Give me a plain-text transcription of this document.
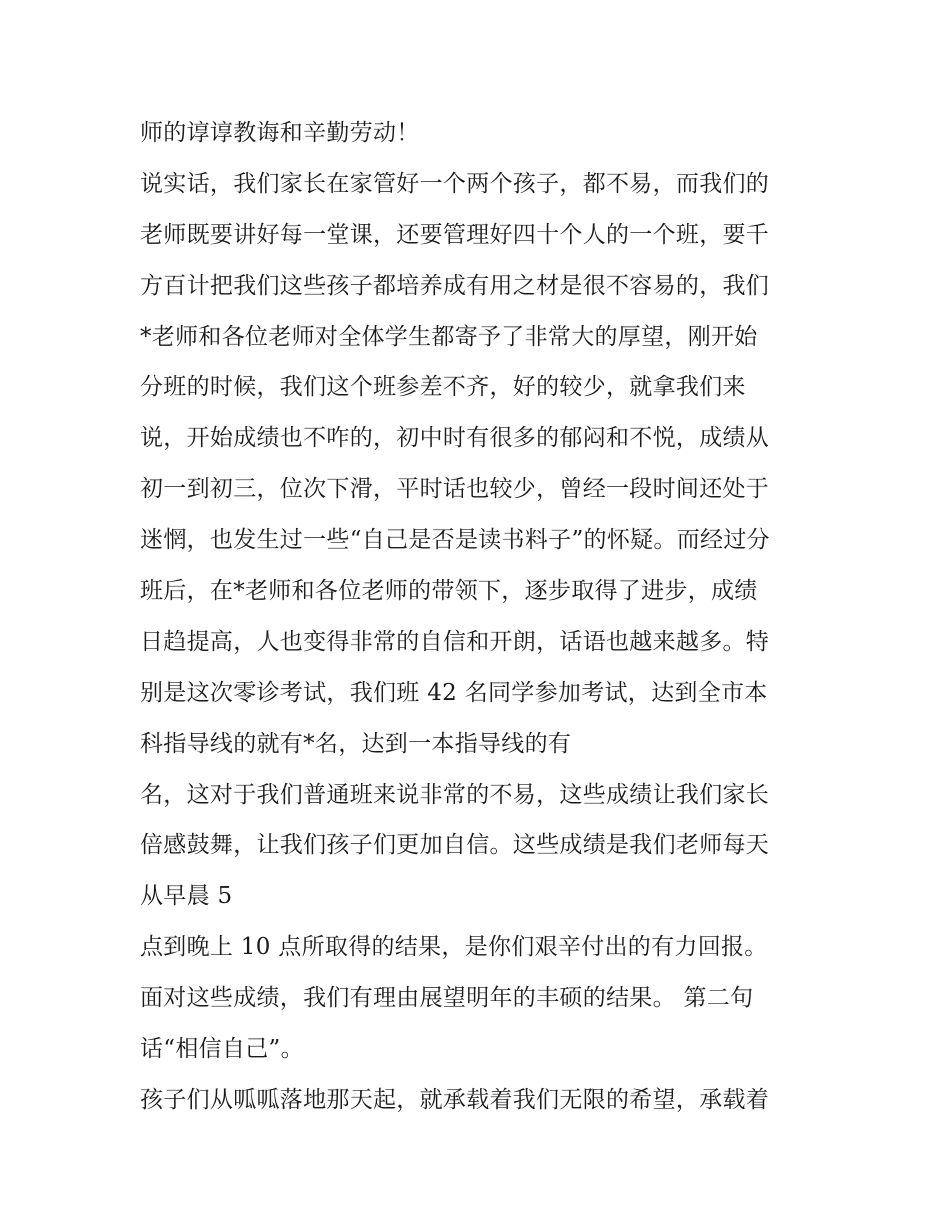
师的谆谆教诲和辛勤劳动！
说实话，我们家长在家管好一个两个孩子，都不易，而我们的
老师既要讲好每一堂课，还要管理好四十个人的一个班，要千
方百计把我们这些孩子都培养成有用之材是很不容易的，我们
*老师和各位老师对全体学生都寄予了非常大的厚望，刚开始
分班的时候，我们这个班参差不齐，好的较少，就拿我们来
说，开始成绩也不咋的，初中时有很多的郁闷和不悦，成绩从
初一到初三，位次下滑，平时话也较少，曾经一段时间还处于
迷惘，也发生过一些“自己是否是读书料子”的怀疑。而经过分
班后，在*老师和各位老师的带领下，逐步取得了进步，成绩
日趋提高，人也变得非常的自信和开朗，话语也越来越多。特
别是这次零诊考试，我们班 42 名同学参加考试，达到全市本
科指导线的就有*名，达到一本指导线的有
名，这对于我们普通班来说非常的不易，这些成绩让我们家长
倍感鼓舞，让我们孩子们更加自信。这些成绩是我们老师每天
从早晨 5
点到晚上 10 点所取得的结果，是你们艰辛付出的有力回报。
面对这些成绩，我们有理由展望明年的丰硕的结果。 第二句
话“相信自己”。
孩子们从呱呱落地那天起，就承载着我们无限的希望，承载着
